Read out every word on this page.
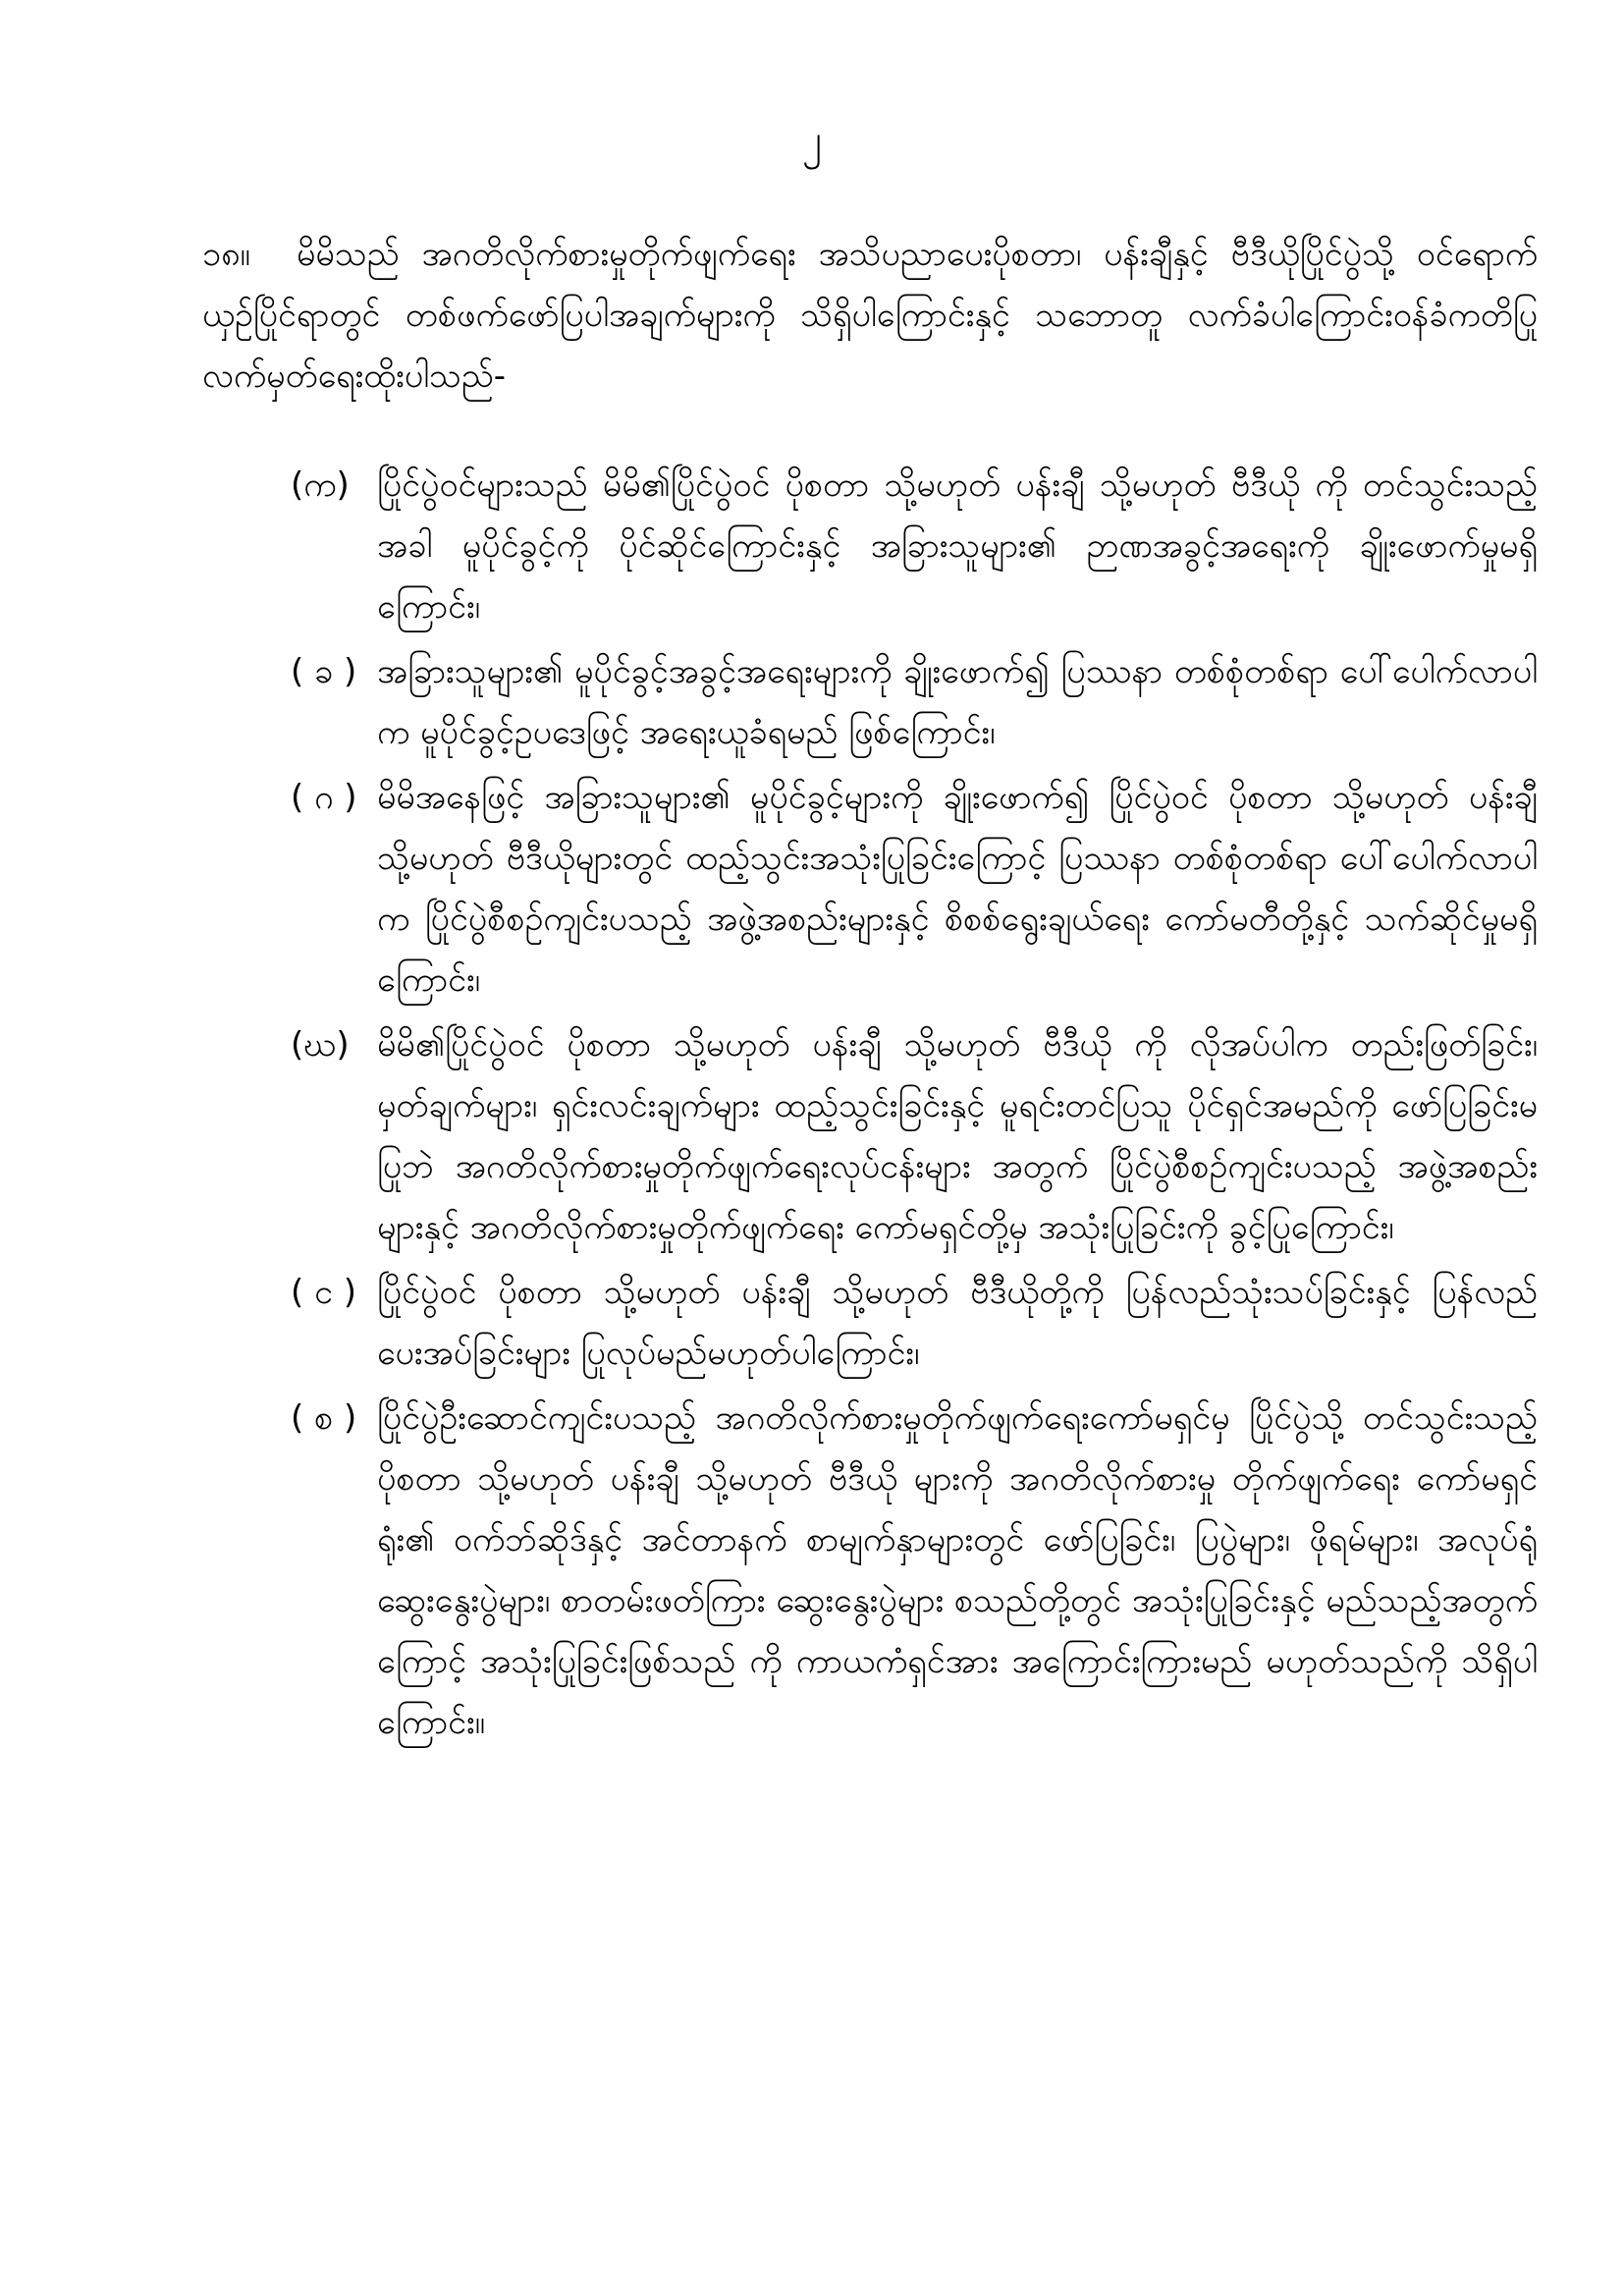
၂
၁၈။ မိမိသည် အဂတိလိုက်စားမှုတိုက်ဖျက်ရေး အသိပညာပေးပိုစတာ၊ ပန်းချီနှင့် ဗီဒီယိုပြိုင်ပွဲသို့ ဝင်ရောက်ယှဉ်ပြိုင်ရာတွင် တစ်ဖက်ဖော်ပြပါအချက်များကို သိရှိပါကြောင်းနှင့် သဘောတူ လက်ခံပါကြောင်းဝန်ခံကတိပြုလက်မှတ်ရေးထိုးပါသည်-
(က) ပြိုင်ပွဲဝင်များသည် မိမိ၏ပြိုင်ပွဲဝင် ပိုစတာ သို့မဟုတ် ပန်းချီ သို့မဟုတ် ဗီဒီယို ကို တင်သွင်းသည့်အခါ မူပိုင်ခွင့်ကို ပိုင်ဆိုင်ကြောင်းနှင့် အခြားသူများ၏ ဉာဏအခွင့်အရေးကို ချိုးဖောက်မှုမရှိကြောင်း၊
( ခ ) အခြားသူများ၏ မူပိုင်ခွင့်အခွင့်အရေးများကို ချိုးဖောက်၍ ပြဿနာ တစ်စုံတစ်ရာ ပေါ်ပေါက်လာပါက မူပိုင်ခွင့်ဥပဒေဖြင့် အရေးယူခံရမည် ဖြစ်ကြောင်း၊
( ဂ ) မိမိအနေဖြင့် အခြားသူများ၏ မူပိုင်ခွင့်များကို ချိုးဖောက်၍ ပြိုင်ပွဲဝင် ပိုစတာ သို့မဟုတ် ပန်းချီ သို့မဟုတ် ဗီဒီယိုများတွင် ထည့်သွင်းအသုံးပြုခြင်းကြောင့် ပြဿနာ တစ်စုံတစ်ရာ ပေါ်ပေါက်လာပါက ပြိုင်ပွဲစီစဉ်ကျင်းပသည့် အဖွဲ့အစည်းများနှင့် စိစစ်ရွေးချယ်ရေး ကော်မတီတို့နှင့် သက်ဆိုင်မှုမရှိကြောင်း၊
(ဃ) မိမိ၏ပြိုင်ပွဲဝင် ပိုစတာ သို့မဟုတ် ပန်းချီ သို့မဟုတ် ဗီဒီယို ကို လိုအပ်ပါက တည်းဖြတ်ခြင်း၊ မှတ်ချက်များ၊ ရှင်းလင်းချက်များ ထည့်သွင်းခြင်းနှင့် မူရင်းတင်ပြသူ ပိုင်ရှင်အမည်ကို ဖော်ပြခြင်းမပြုဘဲ အဂတိလိုက်စားမှုတိုက်ဖျက်ရေးလုပ်ငန်းများ အတွက် ပြိုင်ပွဲစီစဉ်ကျင်းပသည့် အဖွဲ့အစည်းများနှင့် အဂတိလိုက်စားမှုတိုက်ဖျက်ရေး ကော်မရှင်တို့မှ အသုံးပြုခြင်းကို ခွင့်ပြုကြောင်း၊
( င ) ပြိုင်ပွဲဝင် ပိုစတာ သို့မဟုတ် ပန်းချီ သို့မဟုတ် ဗီဒီယိုတို့ကို ပြန်လည်သုံးသပ်ခြင်းနှင့် ပြန်လည်ပေးအပ်ခြင်းများ ပြုလုပ်မည်မဟုတ်ပါကြောင်း၊
( စ ) ပြိုင်ပွဲဦးဆောင်ကျင်းပသည့် အဂတိလိုက်စားမှုတိုက်ဖျက်ရေးကော်မရှင်မှ ပြိုင်ပွဲသို့ တင်သွင်းသည့် ပိုစတာ သို့မဟုတ် ပန်းချီ သို့မဟုတ် ဗီဒီယို များကို အဂတိလိုက်စားမှု တိုက်ဖျက်ရေး ကော်မရှင်ရုံး၏ ဝက်ဘ်ဆိုဒ်နှင့် အင်တာနက် စာမျက်နှာများတွင် ဖော်ပြခြင်း၊ ပြပွဲများ၊ ဖိုရမ်များ၊ အလုပ်ရုံဆွေးနွေးပွဲများ၊ စာတမ်းဖတ်ကြား ဆွေးနွေးပွဲများ စသည်တို့တွင် အသုံးပြုခြင်းနှင့် မည်သည့်အတွက်ကြောင့် အသုံးပြုခြင်းဖြစ်သည် ကို ကာယကံရှင်အား အကြောင်းကြားမည် မဟုတ်သည်ကို သိရှိပါကြောင်း။
